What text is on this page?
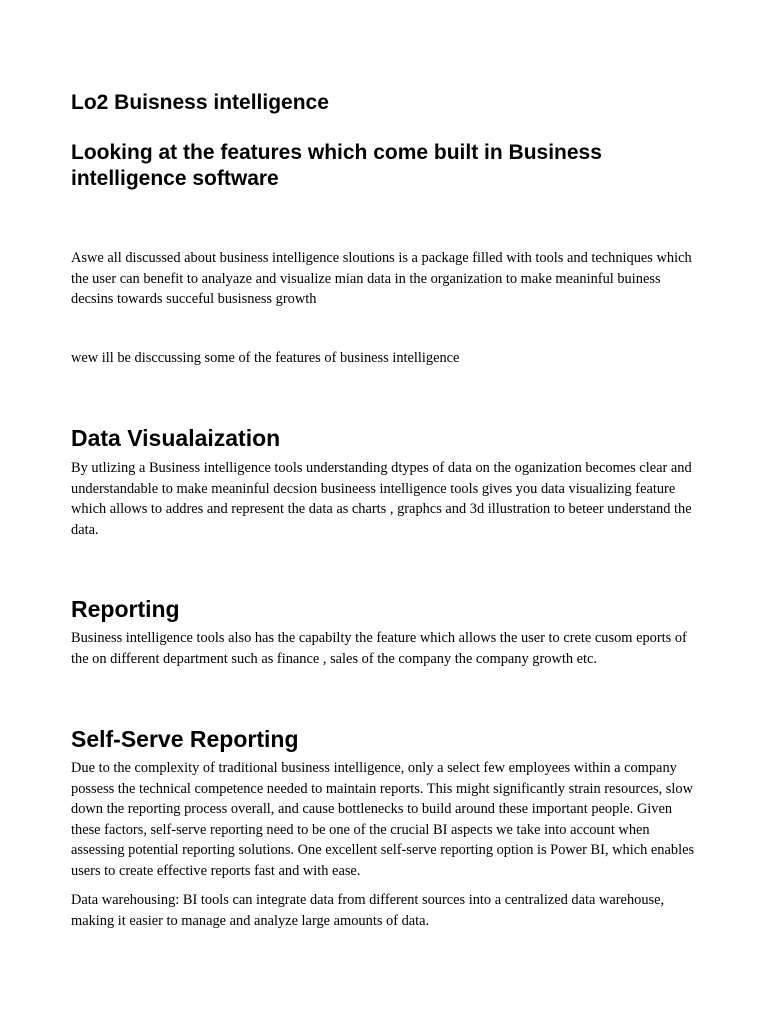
Lo2 Buisness intelligence
Looking at the features which come built in Business intelligence software

Aswe all discussed about business intelligence sloutions is a package filled with tools and techniques which the user can benefit to analyaze and visualize mian data in the organization to make meaninful buiness decsins towards succeful busisness growth

wew ill be disccussing some of the features of business intelligence

Data Visualaization

By utlizing a Business intelligence tools understanding dtypes of data on the oganization becomes clear and understandable to make meaninful decsion busineess intelligence tools gives you data visualizing feature which allows to addres and represent the data as charts , graphcs and 3d illustration to beteer understand the data.

Reporting

Business intelligence tools also has the capabilty the feature which allows the user to crete cusom eports of the on different department such as finance , sales of the company the company growth etc.

Self-Serve Reporting

Due to the complexity of traditional business intelligence, only a select few employees within a company possess the technical competence needed to maintain reports. This might significantly strain resources, slow down the reporting process overall, and cause bottlenecks to build around these important people. Given these factors, self-serve reporting need to be one of the crucial BI aspects we take into account when assessing potential reporting solutions. One excellent self-serve reporting option is Power BI, which enables users to create effective reports fast and with ease.

Data warehousing: BI tools can integrate data from different sources into a centralized data warehouse, making it easier to manage and analyze large amounts of data.
